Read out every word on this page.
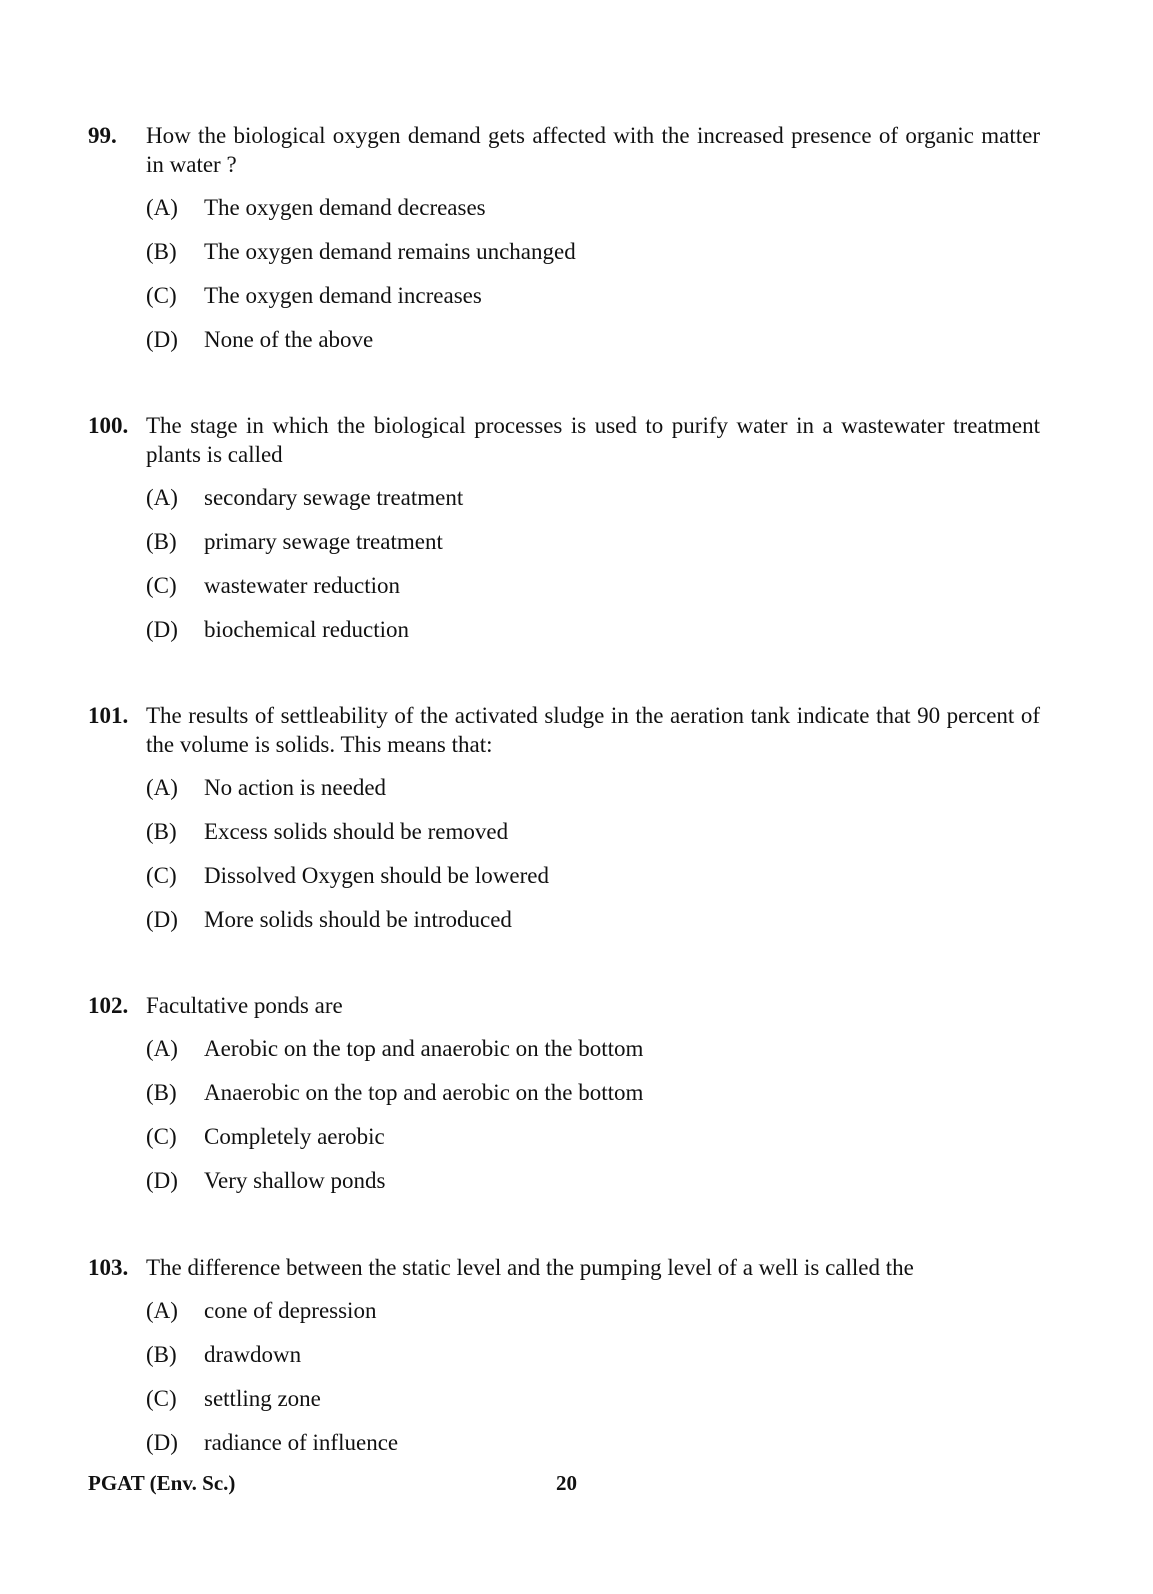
99. How the biological oxygen demand gets affected with the increased presence of organic matter in water ?
(A) The oxygen demand decreases
(B) The oxygen demand remains unchanged
(C) The oxygen demand increases
(D) None of the above
100. The stage in which the biological processes is used to purify water in a wastewater treatment plants is called
(A) secondary sewage treatment
(B) primary sewage treatment
(C) wastewater reduction
(D) biochemical reduction
101. The results of settleability of the activated sludge in the aeration tank indicate that 90 percent of the volume is solids. This means that:
(A) No action is needed
(B) Excess solids should be removed
(C) Dissolved Oxygen should be lowered
(D) More solids should be introduced
102. Facultative ponds are
(A) Aerobic on the top and anaerobic on the bottom
(B) Anaerobic on the top and aerobic on the bottom
(C) Completely aerobic
(D) Very shallow ponds
103. The difference between the static level and the pumping level of a well is called the
(A) cone of depression
(B) drawdown
(C) settling zone
(D) radiance of influence
PGAT (Env. Sc.)	20
